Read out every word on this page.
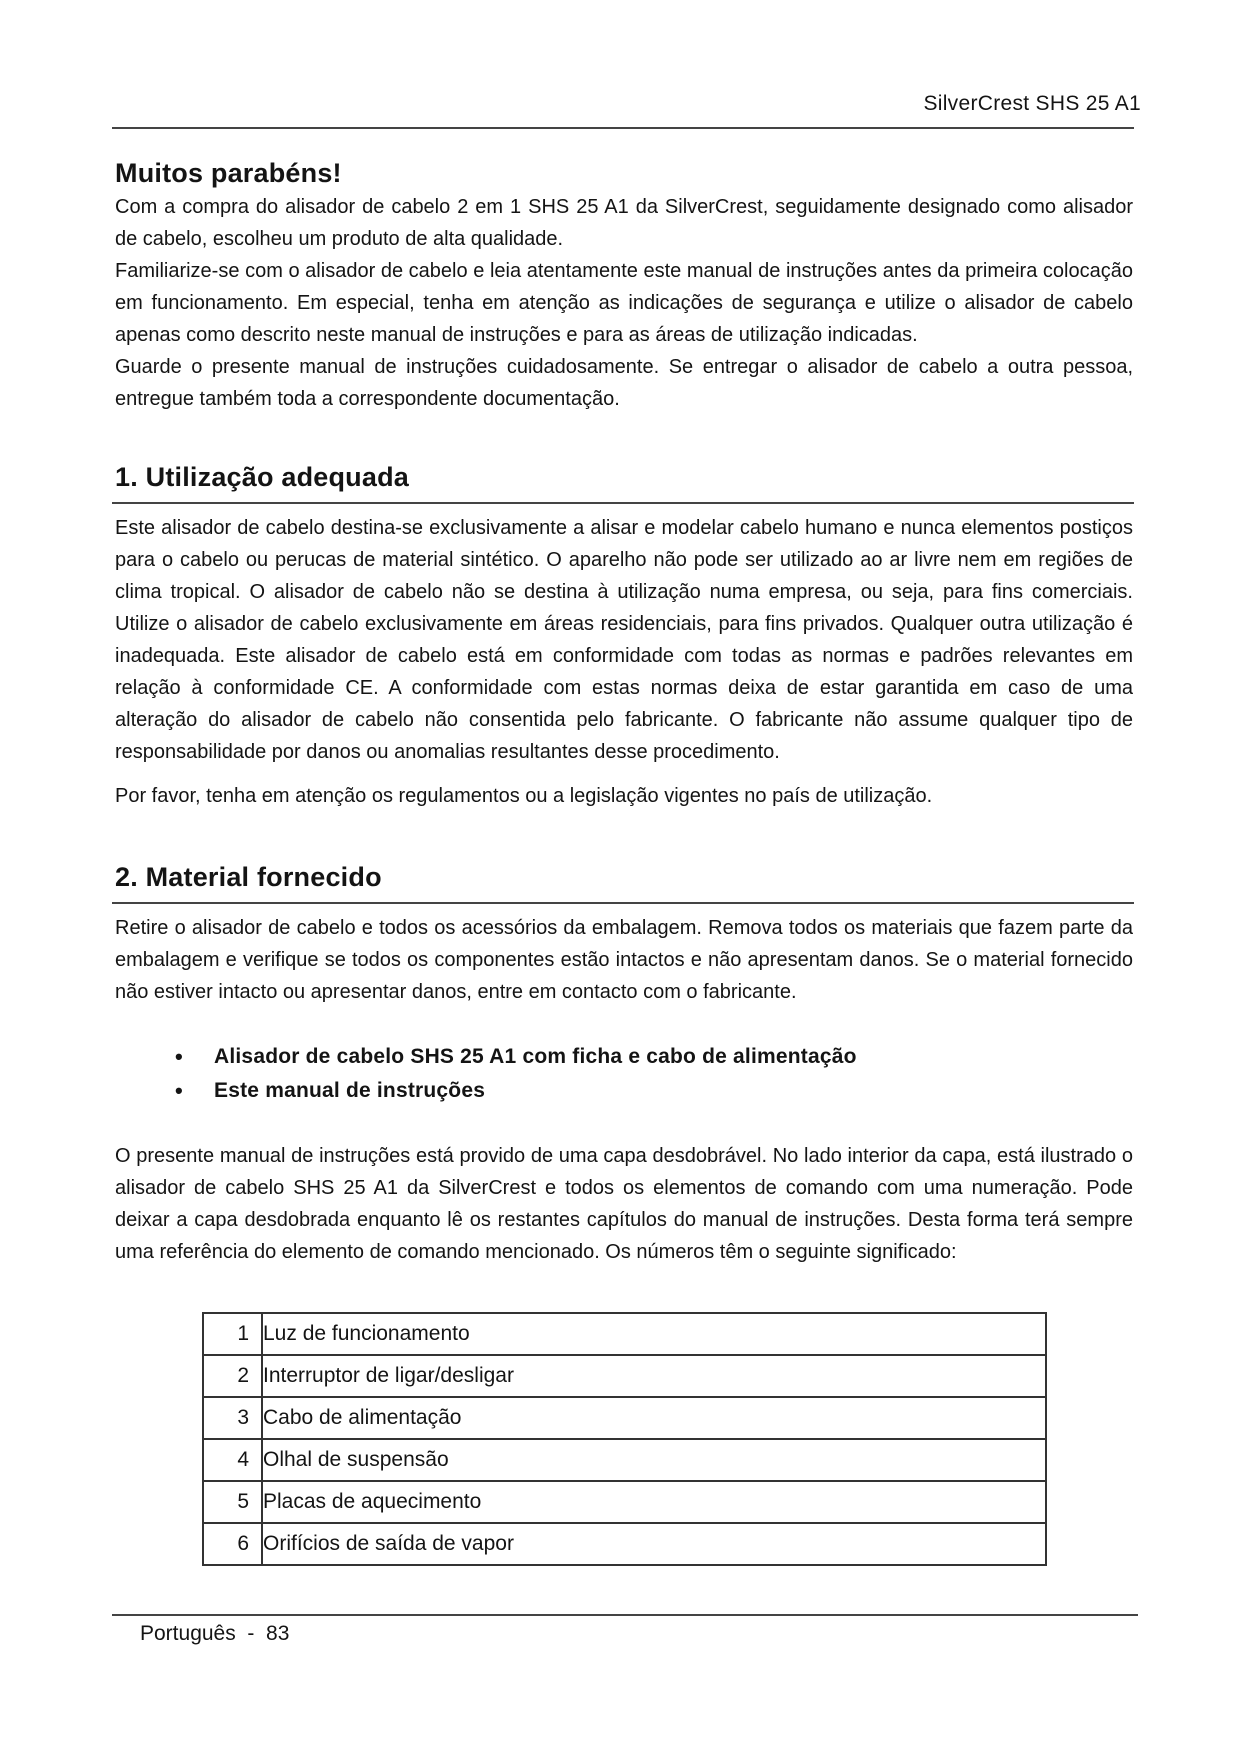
SilverCrest SHS 25 A1
Muitos parabéns!

Com a compra do alisador de cabelo 2 em 1 SHS 25 A1 da SilverCrest, seguidamente designado como alisador de cabelo, escolheu um produto de alta qualidade.

Familiarize-se com o alisador de cabelo e leia atentamente este manual de instruções antes da primeira colocação em funcionamento. Em especial, tenha em atenção as indicações de segurança e utilize o alisador de cabelo apenas como descrito neste manual de instruções e para as áreas de utilização indicadas.

Guarde o presente manual de instruções cuidadosamente. Se entregar o alisador de cabelo a outra pessoa, entregue também toda a correspondente documentação.

1. Utilização adequada

Este alisador de cabelo destina-se exclusivamente a alisar e modelar cabelo humano e nunca elementos postiços para o cabelo ou perucas de material sintético. O aparelho não pode ser utilizado ao ar livre nem em regiões de clima tropical. O alisador de cabelo não se destina à utilização numa empresa, ou seja, para fins comerciais. Utilize o alisador de cabelo exclusivamente em áreas residenciais, para fins privados. Qualquer outra utilização é inadequada. Este alisador de cabelo está em conformidade com todas as normas e padrões relevantes em relação à conformidade CE. A conformidade com estas normas deixa de estar garantida em caso de uma alteração do alisador de cabelo não consentida pelo fabricante. O fabricante não assume qualquer tipo de responsabilidade por danos ou anomalias resultantes desse procedimento.

Por favor, tenha em atenção os regulamentos ou a legislação vigentes no país de utilização.

2. Material fornecido

Retire o alisador de cabelo e todos os acessórios da embalagem. Remova todos os materiais que fazem parte da embalagem e verifique se todos os componentes estão intactos e não apresentam danos. Se o material fornecido não estiver intacto ou apresentar danos, entre em contacto com o fabricante.

• Alisador de cabelo SHS 25 A1 com ficha e cabo de alimentação
• Este manual de instruções

O presente manual de instruções está provido de uma capa desdobrável. No lado interior da capa, está ilustrado o alisador de cabelo SHS 25 A1 da SilverCrest e todos os elementos de comando com uma numeração. Pode deixar a capa desdobrada enquanto lê os restantes capítulos do manual de instruções. Desta forma terá sempre uma referência do elemento de comando mencionado. Os números têm o seguinte significado:

1	Luz de funcionamento
2	Interruptor de ligar/desligar
3	Cabo de alimentação
4	Olhal de suspensão
5	Placas de aquecimento
6	Orifícios de saída de vapor
Português  -  83
